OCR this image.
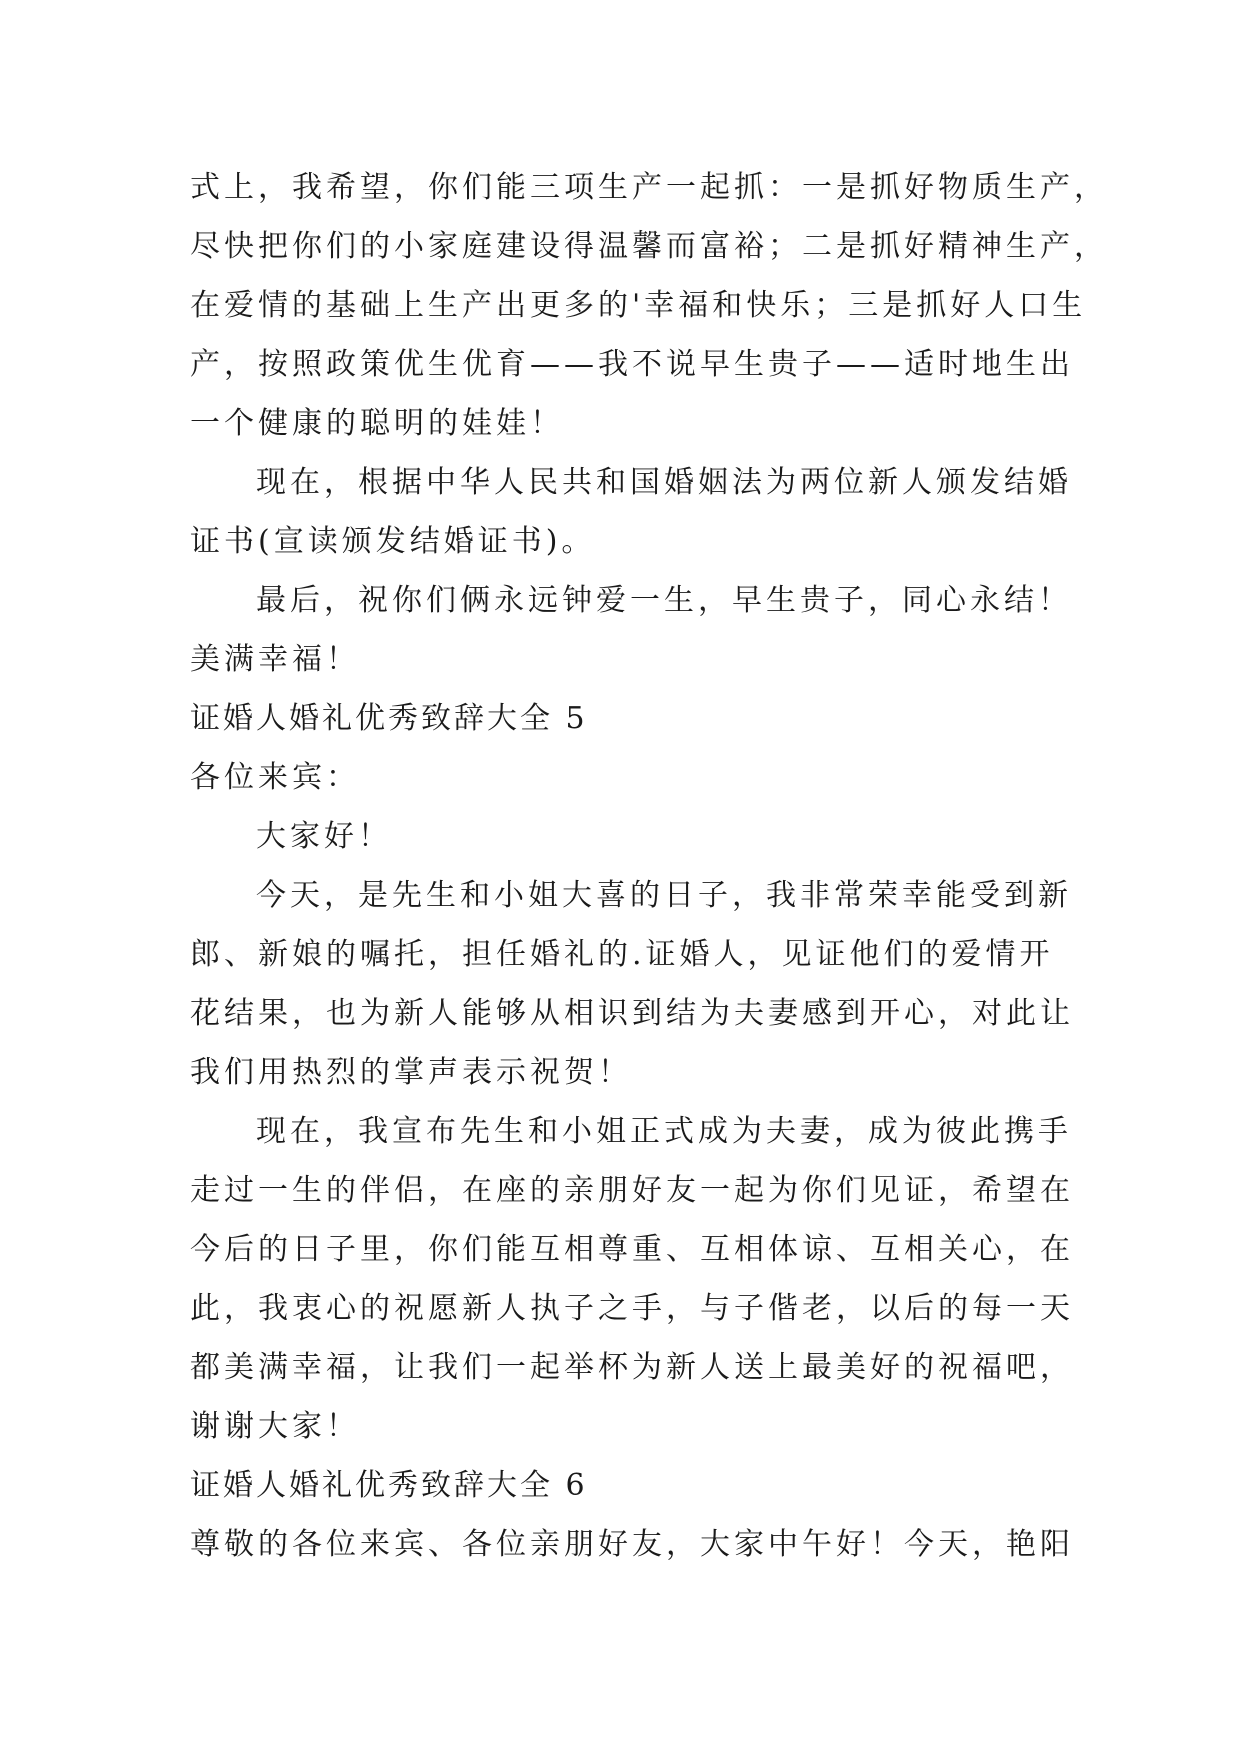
式上，我希望，你们能三项生产一起抓：一是抓好物质生产，
尽快把你们的小家庭建设得温馨而富裕；二是抓好精神生产，
在爱情的基础上生产出更多的'幸福和快乐；三是抓好人口生
产，按照政策优生优育——我不说早生贵子——适时地生出
一个健康的聪明的娃娃！
现在，根据中华人民共和国婚姻法为两位新人颁发结婚
证书(宣读颁发结婚证书)。
最后，祝你们俩永远钟爱一生，早生贵子，同心永结！
美满幸福！
证婚人婚礼优秀致辞大全 5
各位来宾：
大家好！
今天，是先生和小姐大喜的日子，我非常荣幸能受到新
郎、新娘的嘱托，担任婚礼的.证婚人，见证他们的爱情开
花结果，也为新人能够从相识到结为夫妻感到开心，对此让
我们用热烈的掌声表示祝贺！
现在，我宣布先生和小姐正式成为夫妻，成为彼此携手
走过一生的伴侣，在座的亲朋好友一起为你们见证，希望在
今后的日子里，你们能互相尊重、互相体谅、互相关心，在
此，我衷心的祝愿新人执子之手，与子偕老，以后的每一天
都美满幸福，让我们一起举杯为新人送上最美好的祝福吧，
谢谢大家！
证婚人婚礼优秀致辞大全 6
尊敬的各位来宾、各位亲朋好友，大家中午好！今天，艳阳
